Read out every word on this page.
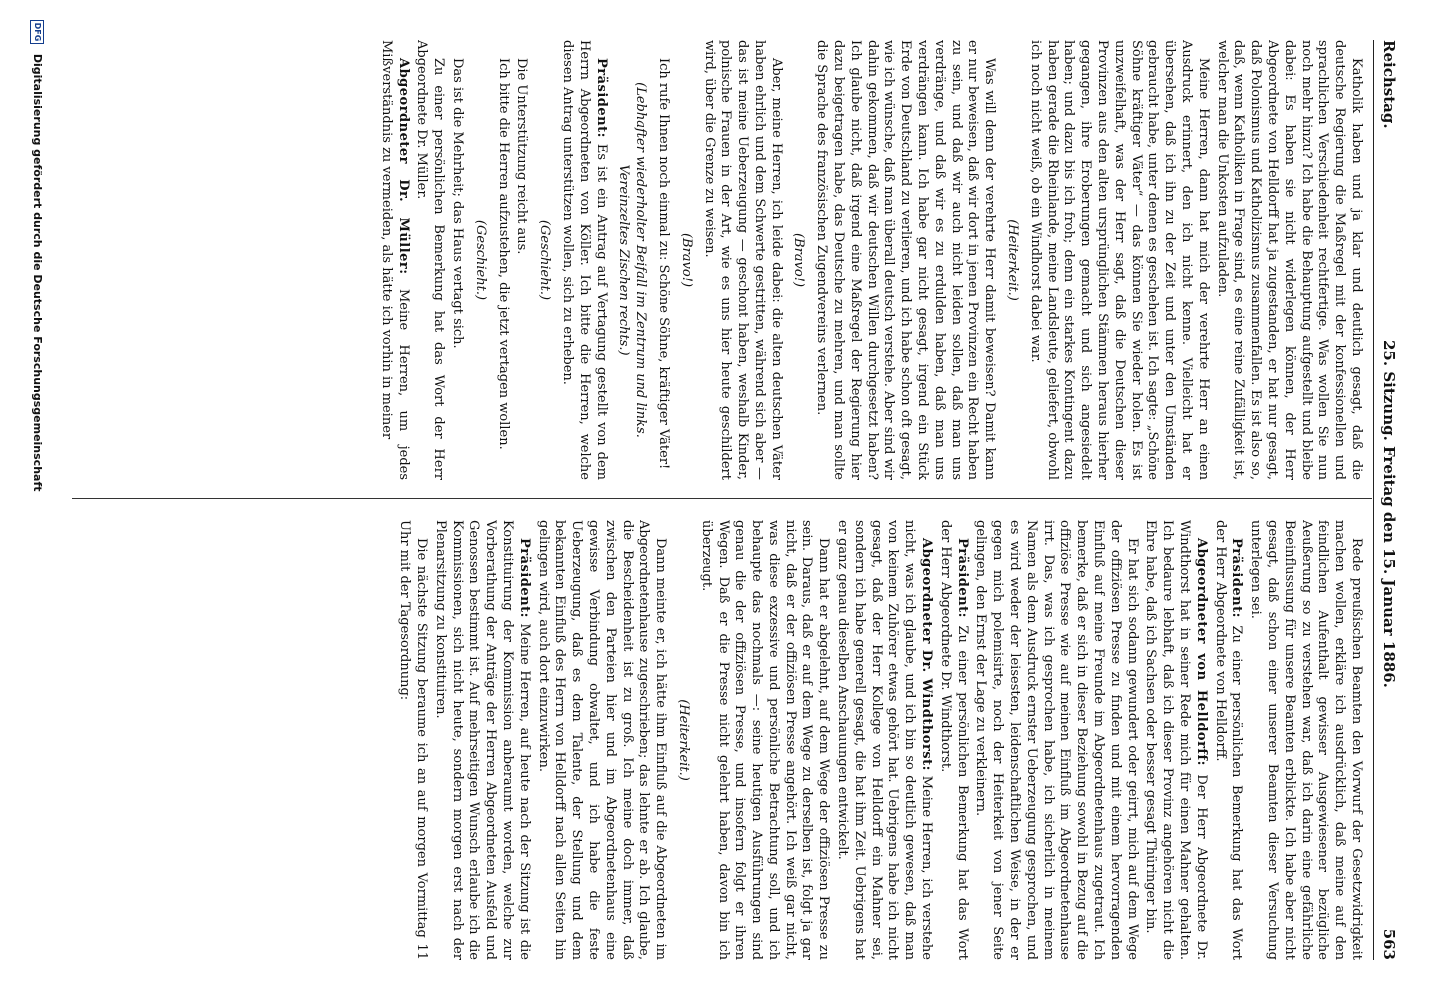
Reichstag.
25. Sitzung. Freitag den 15. Januar 1886.
563

Katholik haben und ja klar und deutlich gesagt, daß die deutsche Regierung die Maßregel mit der konfessionellen und sprachlichen Verschiedenheit rechtfertige. Was wollen Sie nun noch mehr hinzu? Ich habe die Behauptung aufgestellt und bleibe dabei: Es haben sie nicht widerlegen können, der Herr Abgeordnete von Helldorff hat ja zugestanden, er hat nur gesagt, daß Polonismus und Katholizismus zusammenfallen. Es ist also so, daß, wenn Katholiken in Frage sind, es eine reine Zufälligkeit ist, welcher man die Unkosten aufzuladen.

Meine Herren, dann hat mich der verehrte Herr an einen Ausdruck erinnert, den ich nicht kenne. Vielleicht hat er übersehen, daß ich ihn zu der Zeit und unter den Umständen gebraucht habe, unter denen es geschehen ist. Ich sagte: „Schöne Söhne kräftiger Väter“ — das können Sie wieder holen. Es ist unzweifelhaft, was der Herr sagt, daß die Deutschen dieser Provinzen aus den alten ursprünglichen Stämmen heraus hierher gegangen, ihre Eroberungen gemacht und sich angesiedelt haben; und dazu bis ich froh; denn ein starkes Kontingent dazu haben gerade die Rheinlande, meine Landsleute, geliefert, obwohl ich noch nicht weiß, ob ein Windhorst dabei war.

(Heiterkeit.)

Was will denn der verehrte Herr damit beweisen? Damit kann er nur beweisen, daß wir dort in jenen Provinzen ein Recht haben zu sein, und daß wir auch nicht leiden sollen, daß man uns verdränge, und daß wir es zu erdulden haben, daß man uns verdrängen kann. Ich habe gar nicht gesagt, irgend ein Stück Erde von Deutschland zu verlieren, und ich habe schon oft gesagt, wie ich wünsche, daß man überall deutsch verstehe. Aber sind wir dahin gekommen, daß wir deutschen Willen durchgesetzt haben? Ich glaube nicht, daß irgend eine Maßregel der Regierung hier dazu beigetragen habe, das Deutsche zu mehren, und man sollte die Sprache des französischen Zugendvereins verlernen.

(Bravo!)

Aber, meine Herren, ich leide dabei: die alten deutschen Väter haben ehrlich und dem Schwerte gestritten, während sich aber — das ist meine Ueberzeugung — geschont haben, weshalb Kinder, polnische Frauen in der Art, wie es uns hier heute geschildert wird, über die Grenze zu weisen.

(Bravo!)

Ich rufe Ihnen noch einmal zu: Schöne Söhne, kräftiger Väter!

(Lebhafter wiederholter Beifall im Zentrum und links. Vereinzeltes Zischen rechts.)

Präsident: Es ist ein Antrag auf Vertagung gestellt von dem Herrn Abgeordneten von Köller. Ich bitte die Herren, welche diesen Antrag unterstützen wollen, sich zu erheben.

(Geschieht.)

Die Unterstützung reicht aus.

Ich bitte die Herren aufzustehen, die jetzt vertagen wollen.

(Geschieht.)

Das ist die Mehrheit; das Haus vertagt sich.

Zu einer persönlichen Bemerkung hat das Wort der Herr Abgeordnete Dr. Müller.

Abgeordneter Dr. Müller: Meine Herren, um jedes Mißverständnis zu vermeiden, als hätte ich vorhin in meiner

Rede preußischen Beamten den Vorwurf der Gesetzwidrigkeit machen wollen, erkläre ich ausdrücklich, daß meine auf den feindlichen Aufenthalt gewisser Ausgewiesener bezügliche Aeußerung so zu verstehen war, daß ich darin eine gefährliche Beeinflussung für unsere Beamten erblickte. Ich habe aber nicht gesagt, daß schon einer unserer Beamten dieser Versuchung unterlegen sei.

Präsident: Zu einer persönlichen Bemerkung hat das Wort der Herr Abgeordnete von Helldorff.

Abgeordneter von Helldorff: Der Herr Abgeordnete Dr. Windthorst hat in seiner Rede mich für einen Mahner gehalten. Ich bedaure lebhaft, daß ich dieser Provinz angehören nicht die Ehre habe, daß ich Sachsen oder besser gesagt Thüringer bin.

Er hat sich sodann gewundert oder geirrt, mich auf dem Wege der offiziösen Presse zu finden und mit einem hervorragenden Einfluß auf meine Freunde im Abgeordnetenhaus zugetraut. Ich bemerke, daß er sich in dieser Beziehung sowohl in Bezug auf die offiziöse Presse wie auf meinen Einfluß im Abgeordnetenhause irrt. Das, was ich gesprochen habe, ich sicherlich in meinem Namen als dem Ausdruck ernster Ueberzeugung gesprochen, und es wird weder der leisesten, leidenschaftlichen Weise, in der er gegen mich polemisirte, noch der Heiterkeit von jener Seite gelingen, den Ernst der Lage zu verkleinern.

Präsident: Zu einer persönlichen Bemerkung hat das Wort der Herr Abgeordnete Dr. Windthorst.

Abgeordneter Dr. Windthorst: Meine Herren, ich verstehe nicht, was ich glaube, und ich bin so deutlich gewesen, daß man von keinem Zuhörer etwas gehört hat. Uebrigens habe ich nicht gesagt, daß der Herr Kollege von Helldorff ein Mahner sei, sondern ich habe generell gesagt, die hat ihm Zeit. Uebrigens hat er ganz genau dieselben Anschauungen entwickelt.

Dann hat er abgelehnt, auf dem Wege der offiziösen Presse zu sein. Daraus, daß er auf dem Wege zu derselben ist, folgt ja gar nicht, daß er der offiziösen Presse angehört. Ich weiß gar nicht, was diese exzessive und persönliche Betrachtung soll, und ich behaupte das nochmals —: seine heutigen Ausführungen sind genau die der offiziösen Presse, und insofern folgt er ihren Wegen. Daß er die Presse nicht gelehrt haben, davon bin ich überzeugt.

(Heiterkeit.)

Dann meinte er, ich hätte ihm Einfluß auf die Abgeordneten im Abgeordnetenhause zugeschrieben; das lehnte er ab. Ich glaube, die Bescheidenheit ist zu groß. Ich meine doch immer, daß zwischen den Parteien hier und im Abgeordnetenhaus eine gewisse Verbindung obwaltet, und ich habe die feste Ueberzeugung, daß es dem Talente, der Stellung und dem bekannten Einfluß des Herrn von Helldorff nach allen Seiten hin gelingen wird, auch dort einzuwirken.

Präsident: Meine Herren, auf heute nach der Sitzung ist die Konstituirung der Kommission anberaumt worden, welche zur Vorberathung der Anträge der Herren Abgeordneten Ausfeld und Genossen bestimmt ist. Auf mehrseitigen Wunsch erlaube ich die Kommissionen, sich nicht heute, sondern morgen erst nach der Plenarsitzung zu konstituiren.

Die nächste Sitzung beraume ich an auf morgen Vormittag 11 Uhr mit der Tagesordnung:

DFG Digitalisierung gefördert durch die Deutsche Forschungsgemeinschaft
